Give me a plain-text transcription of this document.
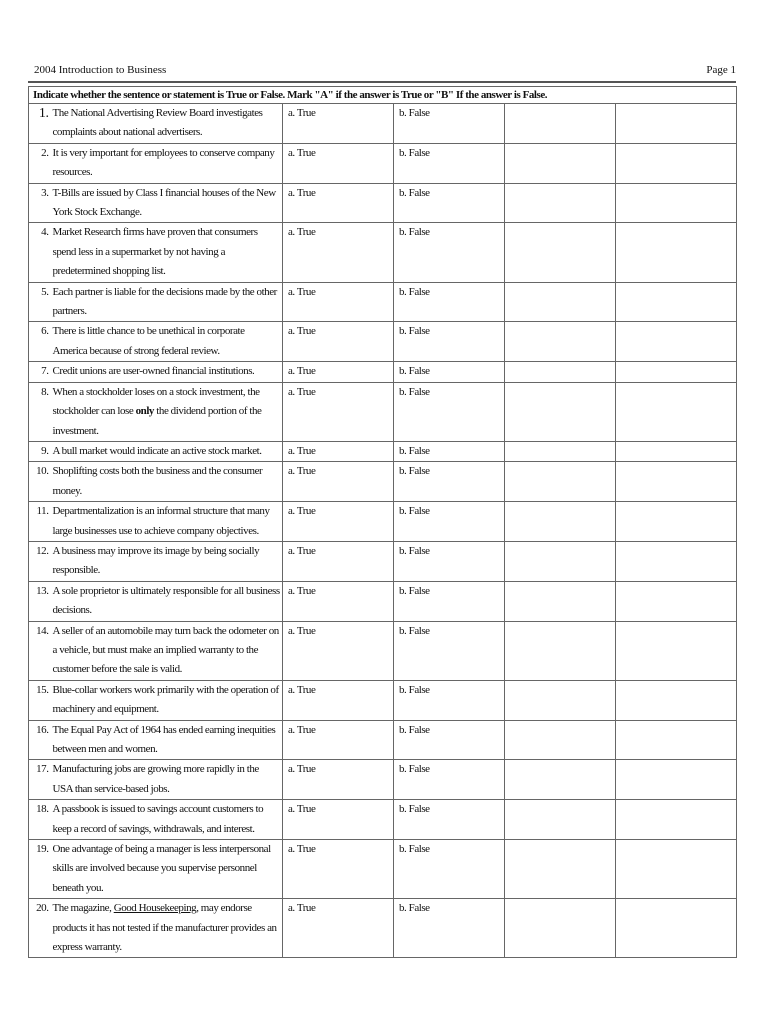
2004 Introduction to Business	Page 1
Indicate whether the sentence or statement is True or False. Mark "A" if the answer is True or "B" If the answer is False.					
1.	The National Advertising Review Board investigates complaints about national advertisers.	a. True	b. False		
2.	It is very important for employees to conserve company resources.	a. True	b. False		
3.	T-Bills are issued by Class I financial houses of the New York Stock Exchange.	a. True	b. False		
4.	Market Research firms have proven that consumers spend less in a supermarket by not having a predetermined shopping list.	a. True	b. False		
5.	Each partner is liable for the decisions made by the other partners.	a. True	b. False		
6.	There is little chance to be unethical in corporate America because of strong federal review.	a. True	b. False		
7.	Credit unions are user-owned financial institutions.	a. True	b. False		
8.	When a stockholder loses on a stock investment, the stockholder can lose only the dividend portion of the investment.	a. True	b. False		
9.	A bull market would indicate an active stock market.	a. True	b. False		
10.	Shoplifting costs both the business and the consumer money.	a. True	b. False		
11.	Departmentalization is an informal structure that many large businesses use to achieve company objectives.	a. True	b. False		
12.	A business may improve its image by being socially responsible.	a. True	b. False		
13.	A sole proprietor is ultimately responsible for all business decisions.	a. True	b. False		
14.	A seller of an automobile may turn back the odometer on a vehicle, but must make an implied warranty to the customer before the sale is valid.	a. True	b. False		
15.	Blue-collar workers work primarily with the operation of machinery and equipment.	a. True	b. False		
16.	The Equal Pay Act of 1964 has ended earning inequities between men and women.	a. True	b. False		
17.	Manufacturing jobs are growing more rapidly in the USA than service-based jobs.	a. True	b. False		
18.	A passbook is issued to savings account customers to keep a record of savings, withdrawals, and interest.	a. True	b. False		
19.	One advantage of being a manager is less interpersonal skills are involved because you supervise personnel beneath you.	a. True	b. False		
20.	The magazine, Good Housekeeping, may endorse products it has not tested if the manufacturer provides an express warranty.	a. True	b. False		
